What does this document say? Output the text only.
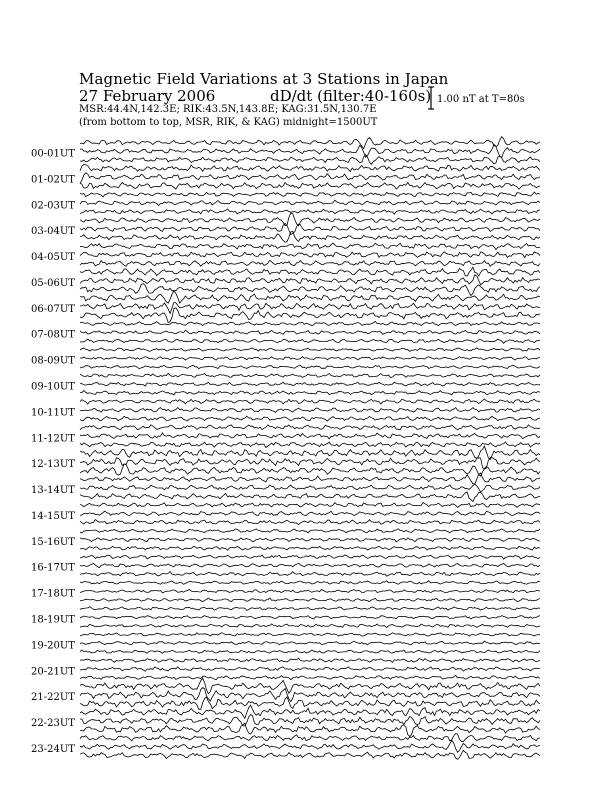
Magnetic Field Variations at 3 Stations in Japan
27 February 2006	dD/dt (filter:40-160s)
MSR:44.4N,142.3E; RIK:43.5N,143.8E; KAG:31.5N,130.7E
(from bottom to top, MSR, RIK, & KAG) midnight=1500UT
1.00 nT at T=80s
00-01UT
01-02UT
02-03UT
03-04UT
04-05UT
05-06UT
06-07UT
07-08UT
08-09UT
09-10UT
10-11UT
11-12UT
12-13UT
13-14UT
14-15UT
15-16UT
16-17UT
17-18UT
18-19UT
19-20UT
20-21UT
21-22UT
22-23UT
23-24UT
